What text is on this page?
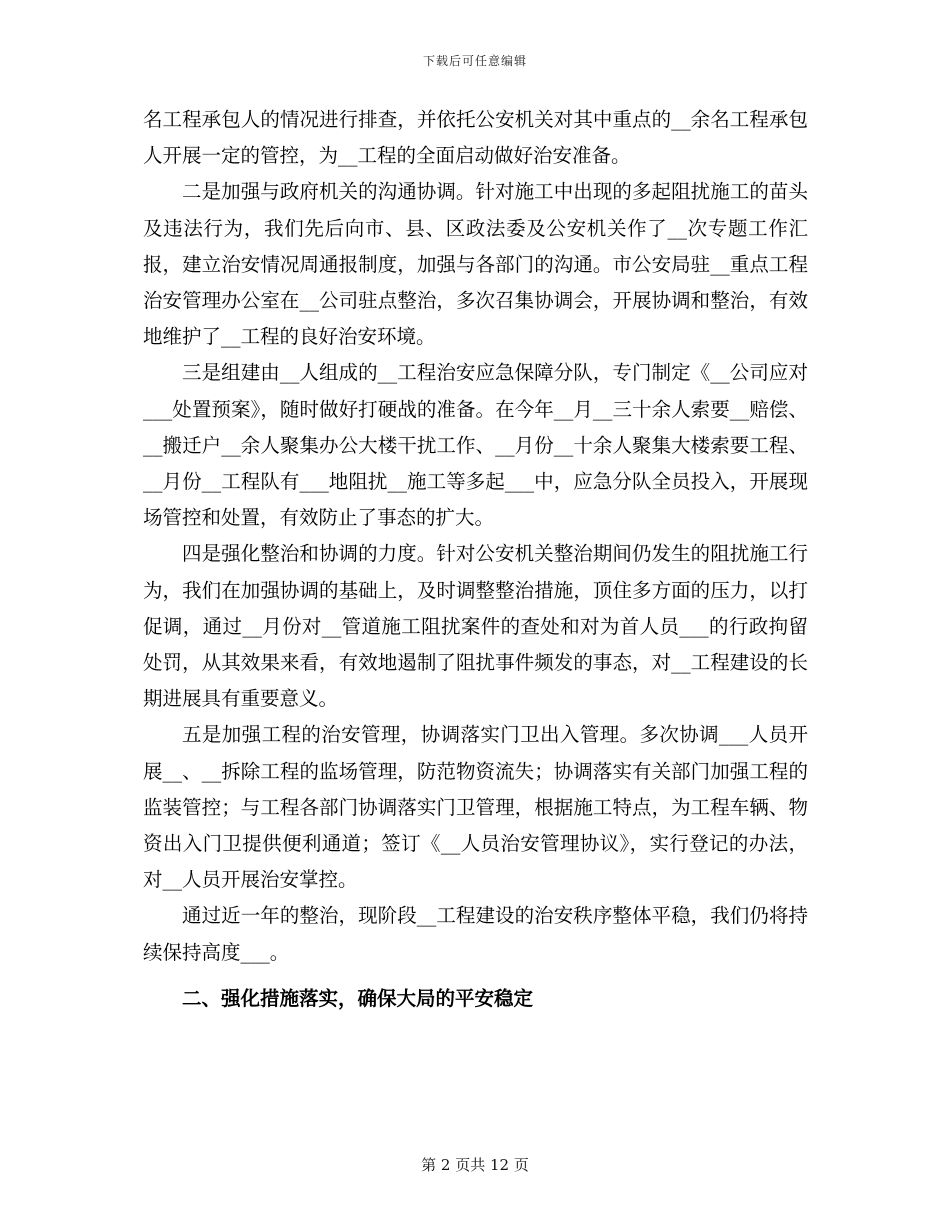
下载后可任意编辑

名工程承包人的情况进行排查，并依托公安机关对其中重点的__余名工程承包人开展一定的管控，为__工程的全面启动做好治安准备。

二是加强与政府机关的沟通协调。针对施工中出现的多起阻扰施工的苗头及违法行为，我们先后向市、县、区政法委及公安机关作了__次专题工作汇报，建立治安情况周通报制度，加强与各部门的沟通。市公安局驻__重点工程治安管理办公室在__公司驻点整治，多次召集协调会，开展协调和整治，有效地维护了__工程的良好治安环境。

三是组建由__人组成的__工程治安应急保障分队，专门制定《__公司应对___处置预案》，随时做好打硬战的准备。在今年__月__三十余人索要__赔偿、__搬迁户__余人聚集办公大楼干扰工作、__月份__十余人聚集大楼索要工程、__月份__工程队有___地阻扰__施工等多起___中，应急分队全员投入，开展现场管控和处置，有效防止了事态的扩大。

四是强化整治和协调的力度。针对公安机关整治期间仍发生的阻扰施工行为，我们在加强协调的基础上，及时调整整治措施，顶住多方面的压力，以打促调，通过__月份对__管道施工阻扰案件的查处和对为首人员___的行政拘留处罚，从其效果来看，有效地遏制了阻扰事件频发的事态，对__工程建设的长期进展具有重要意义。

五是加强工程的治安管理，协调落实门卫出入管理。多次协调___人员开展__、__拆除工程的监场管理，防范物资流失；协调落实有关部门加强工程的监装管控；与工程各部门协调落实门卫管理，根据施工特点，为工程车辆、物资出入门卫提供便利通道；签订《__人员治安管理协议》，实行登记的办法，对__人员开展治安掌控。

通过近一年的整治，现阶段__工程建设的治安秩序整体平稳，我们仍将持续保持高度___。

二、强化措施落实，确保大局的平安稳定

第 2 页共 12 页
